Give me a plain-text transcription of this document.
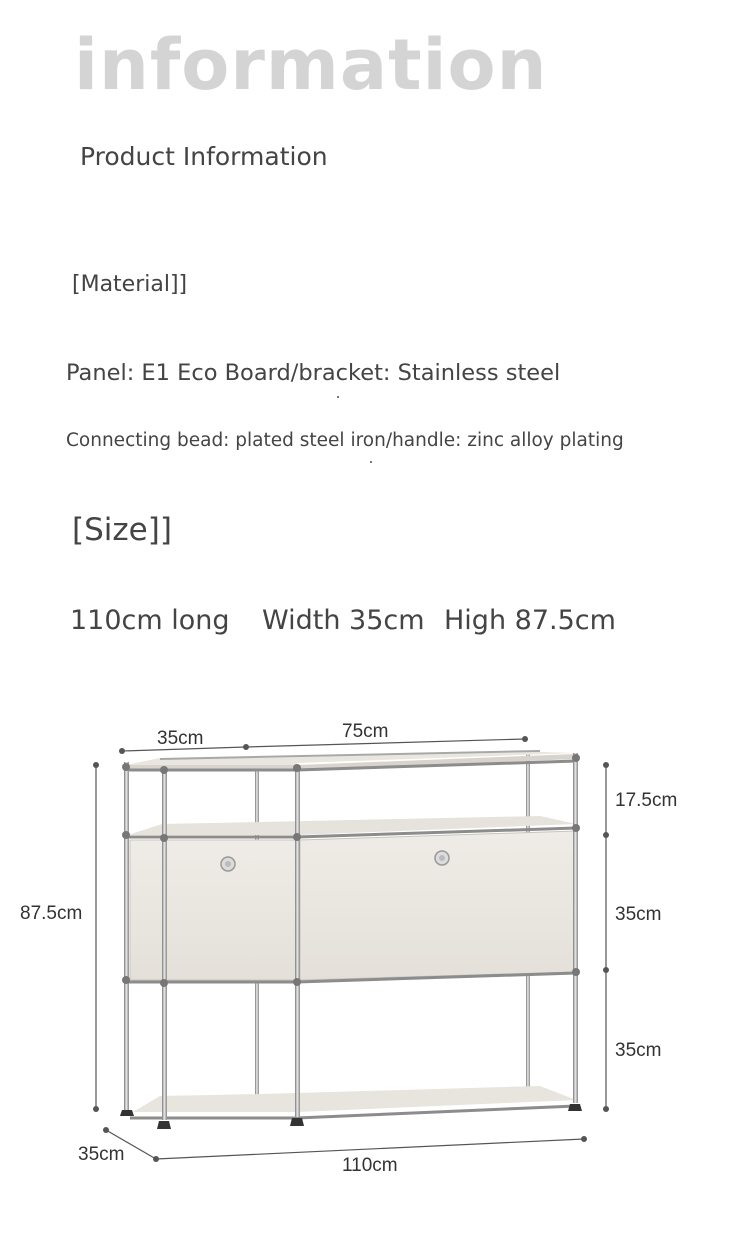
information
Product Information
[Material]]
Panel: E1 Eco Board/bracket: Stainless steel
Connecting bead: plated steel iron/handle: zinc alloy plating
[Size]]
110cm long Width 35cm High 87.5cm
35cm	75cm
87.5cm
17.5cm
35cm
35cm
35cm
110cm
